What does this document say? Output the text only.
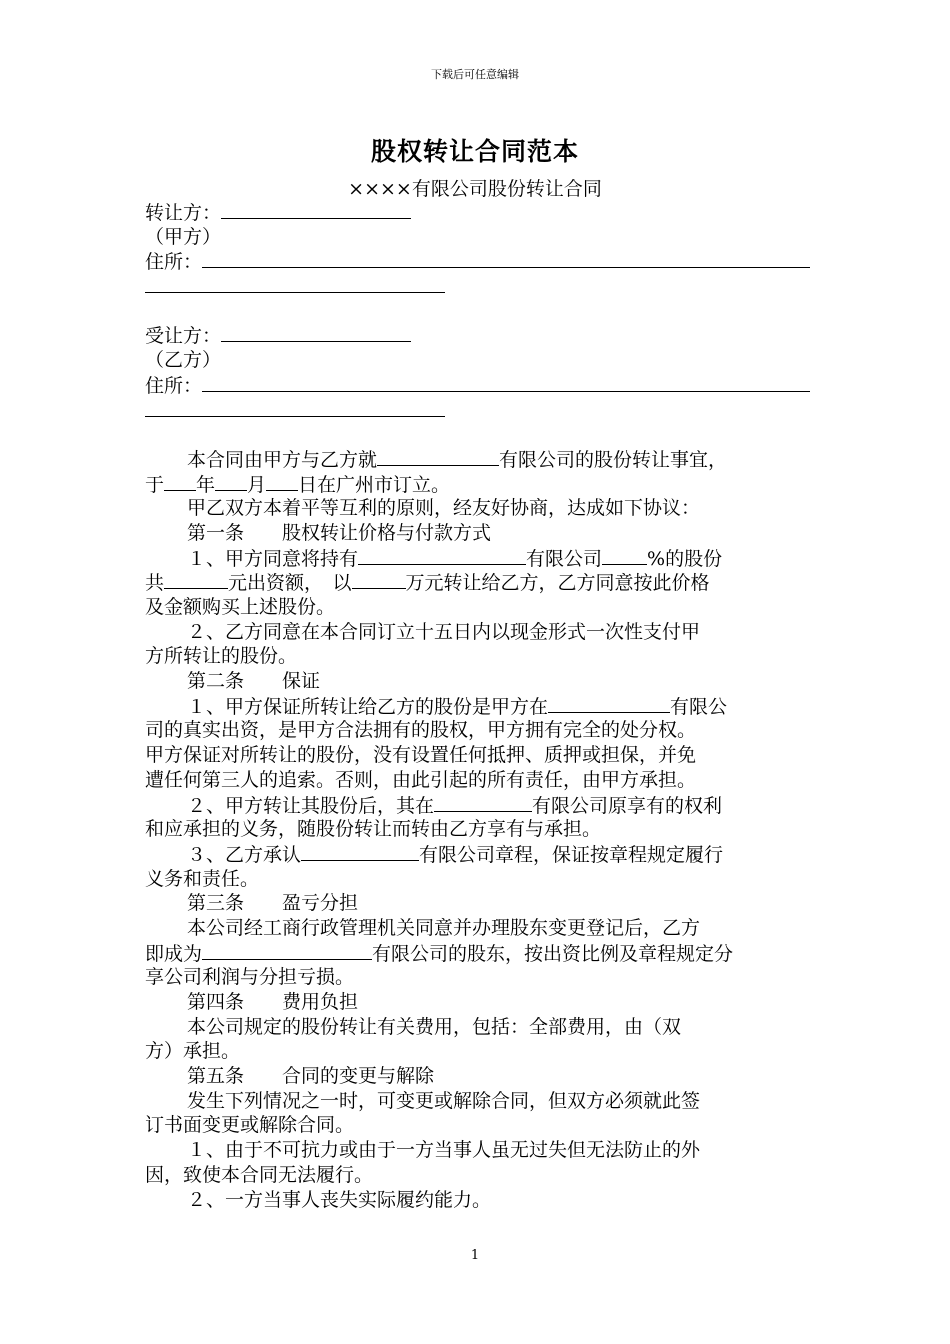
下载后可任意编辑
股权转让合同范本
××××有限公司股份转让合同
转让方：
（甲方）
住所：
受让方：
（乙方）
住所：
本合同由甲方与乙方就	有限公司的股份转让事宜，
于 年 月 日在广州市订立。
甲乙双方本着平等互利的原则，经友好协商，达成如下协议：
第一条　　股权转让价格与付款方式
１、甲方同意将持有	有限公司 %的股份
共	元出资额，　以	万元转让给乙方，乙方同意按此价格
及金额购买上述股份。
２、乙方同意在本合同订立十五日内以现金形式一次性支付甲
方所转让的股份。
第二条　　保证
１、甲方保证所转让给乙方的股份是甲方在	有限公
司的真实出资，是甲方合法拥有的股权，甲方拥有完全的处分权。
甲方保证对所转让的股份，没有设置任何抵押、质押或担保，并免
遭任何第三人的追索。否则，由此引起的所有责任，由甲方承担。
２、甲方转让其股份后，其在	有限公司原享有的权利
和应承担的义务，随股份转让而转由乙方享有与承担。
３、乙方承认	有限公司章程，保证按章程规定履行
义务和责任。
第三条　　盈亏分担
本公司经工商行政管理机关同意并办理股东变更登记后，乙方
即成为	有限公司的股东，按出资比例及章程规定分
享公司利润与分担亏损。
第四条　　费用负担
本公司规定的股份转让有关费用，包括：全部费用，由（双
方）承担。
第五条　　合同的变更与解除
发生下列情况之一时，可变更或解除合同，但双方必须就此签
订书面变更或解除合同。
１、由于不可抗力或由于一方当事人虽无过失但无法防止的外
因，致使本合同无法履行。
２、一方当事人丧失实际履约能力。
1
